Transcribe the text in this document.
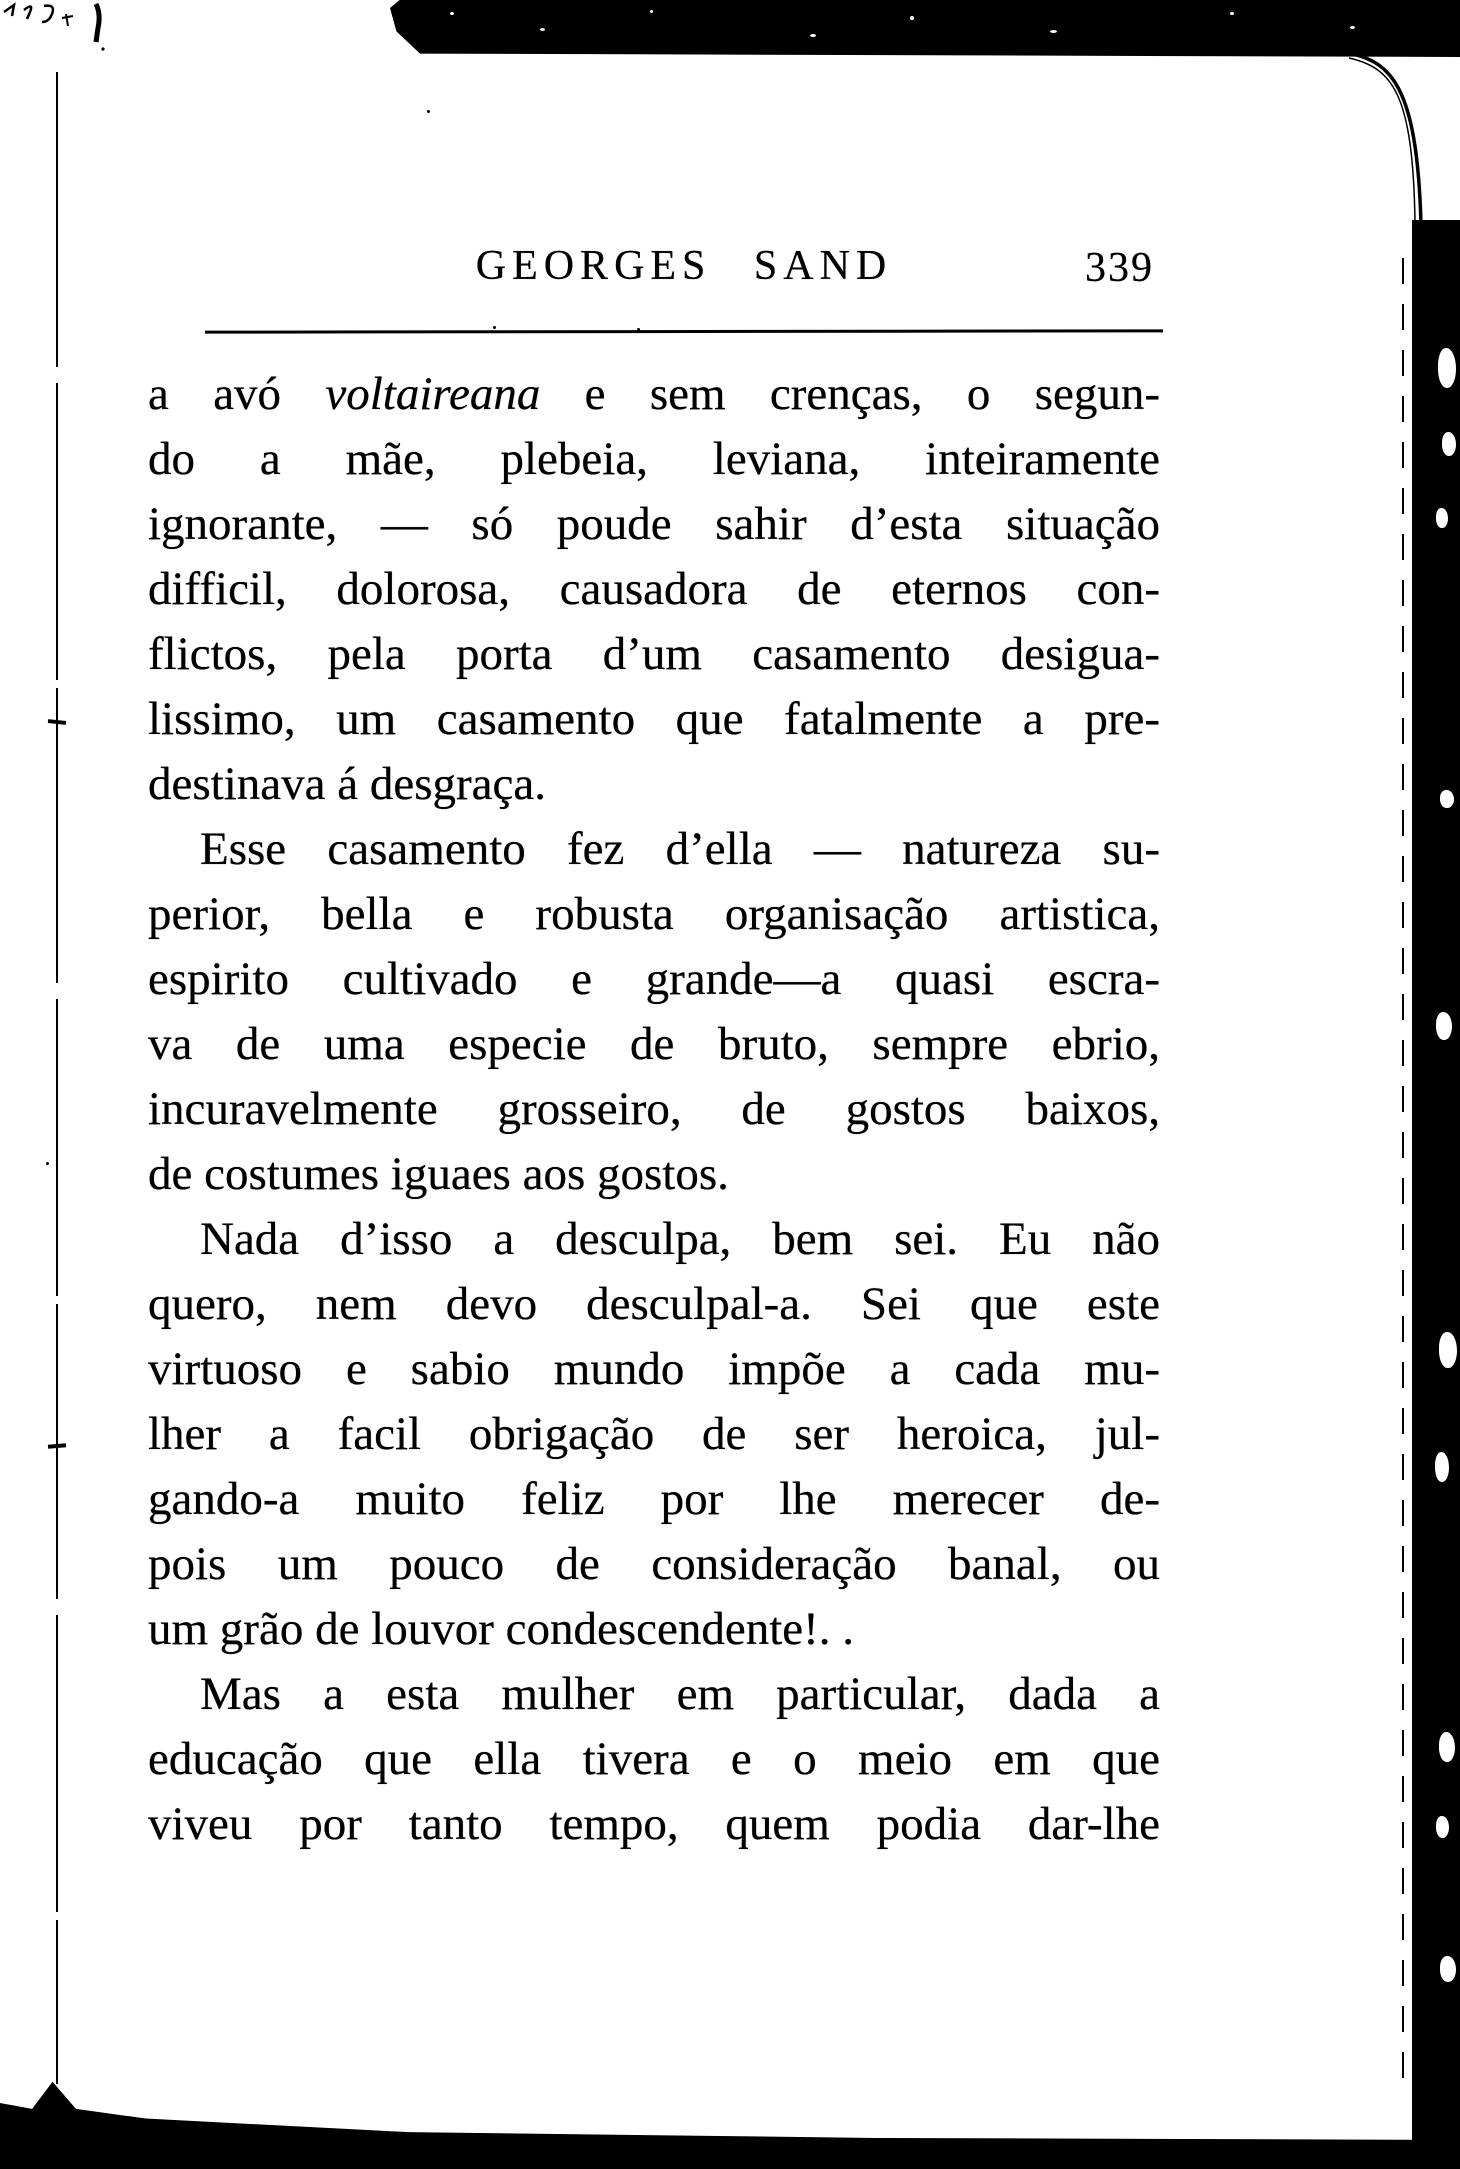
GEORGES SAND	339
a avó voltaireana e sem crenças, o segun-
do a mãe, plebeia, leviana, inteiramente
ignorante, — só poude sahir d’esta situação
difficil, dolorosa, causadora de eternos con-
flictos, pela porta d’um casamento desigua-
lissimo, um casamento que fatalmente a pre-
destinava á desgraça.
Esse casamento fez d’ella — natureza su-
perior, bella e robusta organisação artistica,
espirito cultivado e grande—a quasi escra-
va de uma especie de bruto, sempre ebrio,
incuravelmente grosseiro, de gostos baixos,
de costumes iguaes aos gostos.
Nada d’isso a desculpa, bem sei. Eu não
quero, nem devo desculpal-a. Sei que este
virtuoso e sabio mundo impõe a cada mu-
lher a facil obrigação de ser heroica, jul-
gando-a muito feliz por lhe merecer de-
pois um pouco de consideração banal, ou
um grão de louvor condescendente!. .
Mas a esta mulher em particular, dada a
educação que ella tivera e o meio em que
viveu por tanto tempo, quem podia dar-lhe
